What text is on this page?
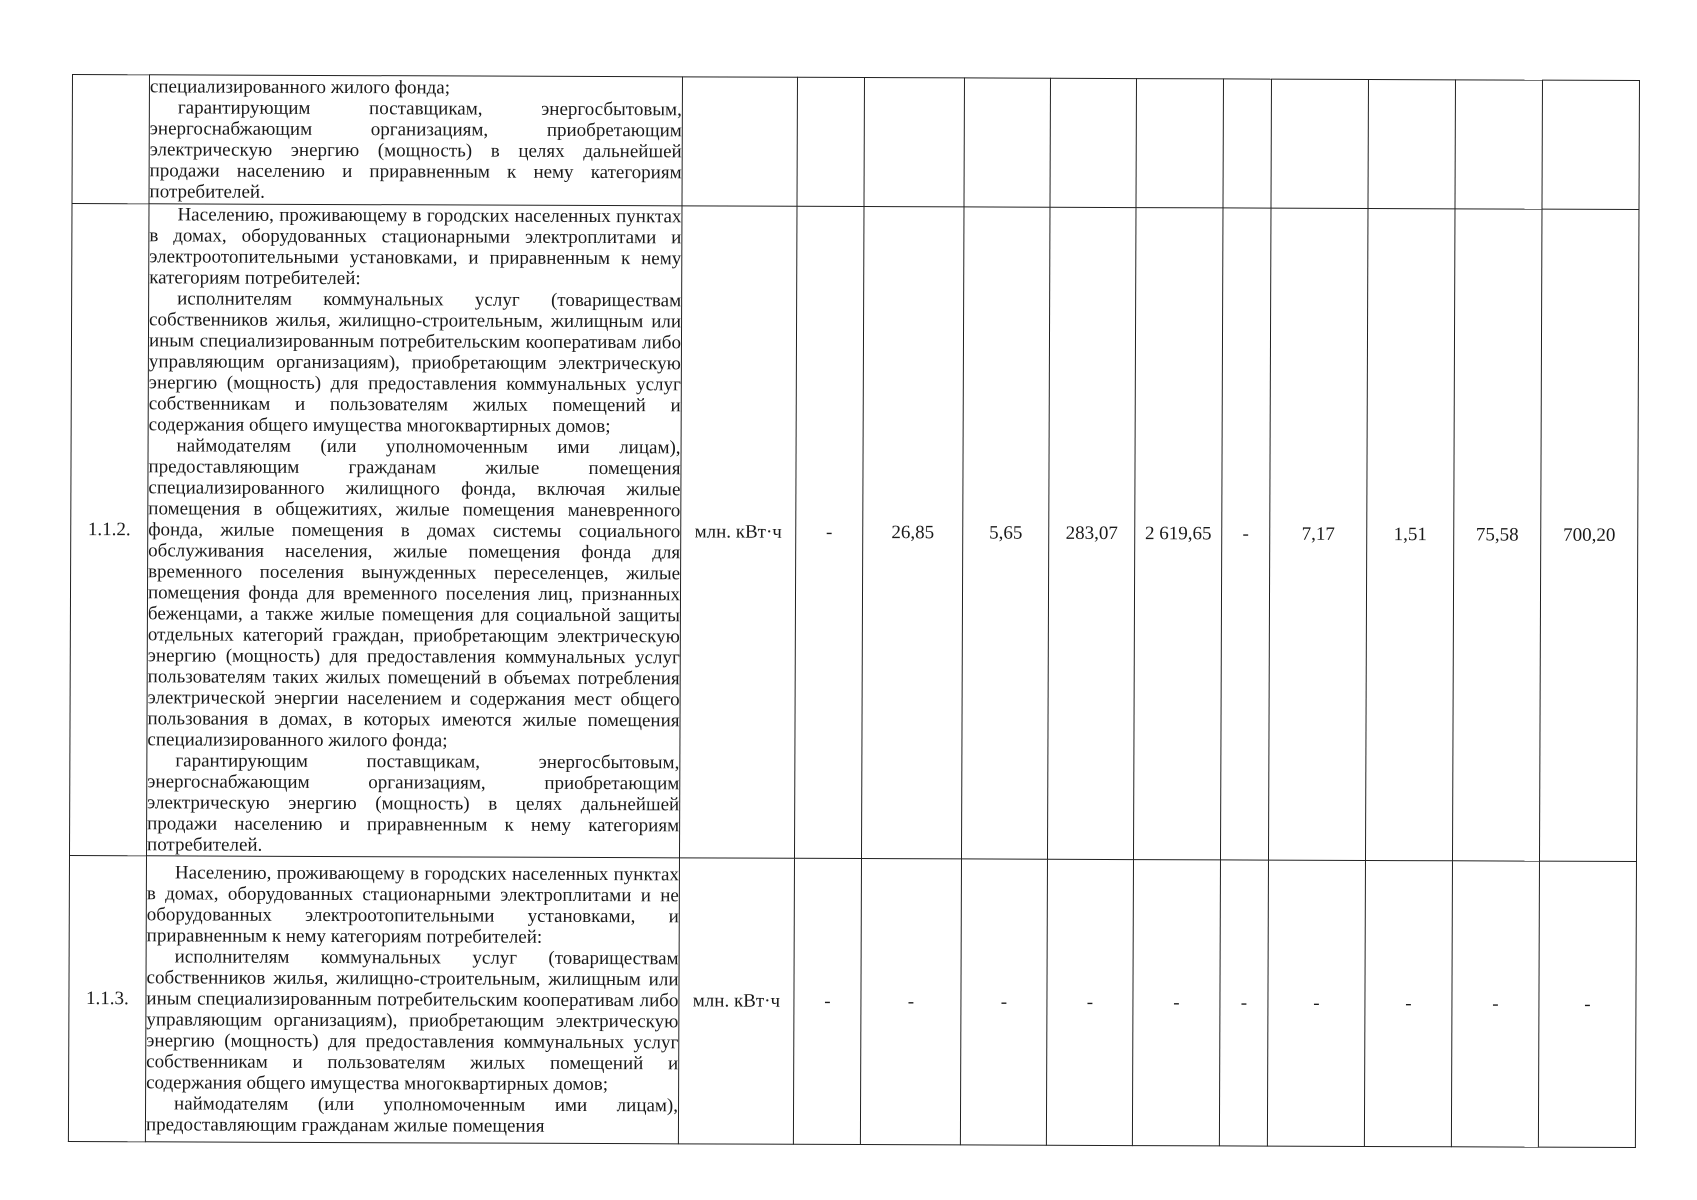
	специализированного жилого фонда;
гарантирующим поставщикам, энергосбытовым, энергоснабжающим организациям, приобретающим электрическую энергию (мощность) в целях дальнейшей продажи населению и приравненным к нему категориям потребителей.											

1.1.2.	Населению, проживающему в городских населенных пунктах в домах, оборудованных стационарными электроплитами и электроотопительными установками, и приравненным к нему категориям потребителей:
исполнителям коммунальных услуг (товариществам собственников жилья, жилищно-строительным, жилищным или иным специализированным потребительским кооперативам либо управляющим организациям), приобретающим электрическую энергию (мощность) для предоставления коммунальных услуг собственникам и пользователям жилых помещений и содержания общего имущества многоквартирных домов;
наймодателям (или уполномоченным ими лицам), предоставляющим гражданам жилые помещения специализированного жилищного фонда, включая жилые помещения в общежитиях, жилые помещения маневренного фонда, жилые помещения в домах системы социального обслуживания населения, жилые помещения фонда для временного поселения вынужденных переселенцев, жилые помещения фонда для временного поселения лиц, признанных беженцами, а также жилые помещения для социальной защиты отдельных категорий граждан, приобретающим электрическую энергию (мощность) для предоставления коммунальных услуг пользователям таких жилых помещений в объемах потребления электрической энергии населением и содержания мест общего пользования в домах, в которых имеются жилые помещения специализированного жилого фонда;
гарантирующим поставщикам, энергосбытовым, энергоснабжающим организациям, приобретающим электрическую энергию (мощность) в целях дальнейшей продажи населению и приравненным к нему категориям потребителей.	млн. кВт·ч	-	26,85	5,65	283,07	2 619,65	-	7,17	1,51	75,58	700,20
1.1.3.	Населению, проживающему в городских населенных пунктах в домах, оборудованных стационарными электроплитами и не оборудованных электроотопительными установками, и приравненным к нему категориям потребителей:
исполнителям коммунальных услуг (товариществам собственников жилья, жилищно-строительным, жилищным или иным специализированным потребительским кооперативам либо управляющим организациям), приобретающим электрическую энергию (мощность) для предоставления коммунальных услуг собственникам и пользователям жилых помещений и содержания общего имущества многоквартирных домов;
наймодателям (или уполномоченным ими лицам), предоставляющим гражданам жилые помещения	млн. кВт·ч	-	-	-	-	-	-	-	-	-	-
